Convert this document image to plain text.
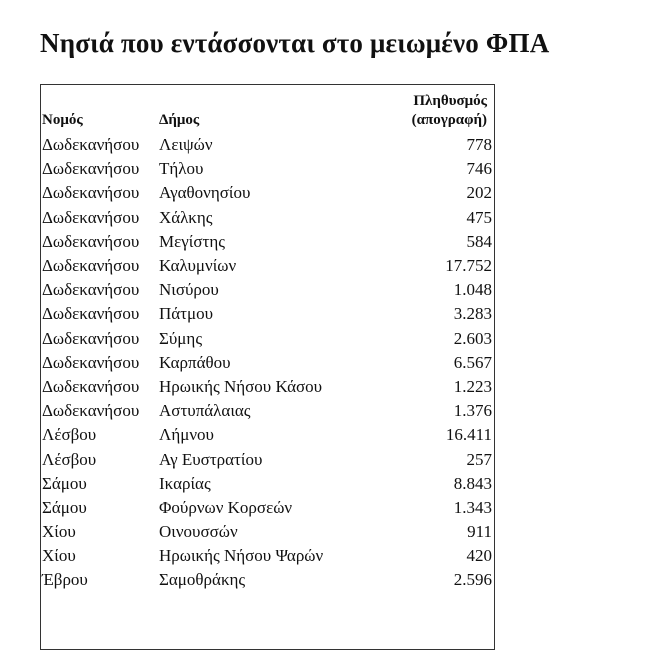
Νησιά που εντάσσονται στο μειωμένο ΦΠΑ
Νομός	Δήμος	Πληθυσμός
(απογραφή)
Δωδεκανήσου	Λειψών	778
Δωδεκανήσου	Τήλου	746
Δωδεκανήσου	Αγαθονησίου	202
Δωδεκανήσου	Χάλκης	475
Δωδεκανήσου	Μεγίστης	584
Δωδεκανήσου	Καλυμνίων	17.752
Δωδεκανήσου	Νισύρου	1.048
Δωδεκανήσου	Πάτμου	3.283
Δωδεκανήσου	Σύμης	2.603
Δωδεκανήσου	Καρπάθου	6.567
Δωδεκανήσου	Ηρωικής Νήσου Κάσου	1.223
Δωδεκανήσου	Αστυπάλαιας	1.376
Λέσβου	Λήμνου	16.411
Λέσβου	Αγ Ευστρατίου	257
Σάμου	Ικαρίας	8.843
Σάμου	Φούρνων Κορσεών	1.343
Χίου	Οινουσσών	911
Χίου	Ηρωικής Νήσου Ψαρών	420
Έβρου	Σαμοθράκης	2.596
